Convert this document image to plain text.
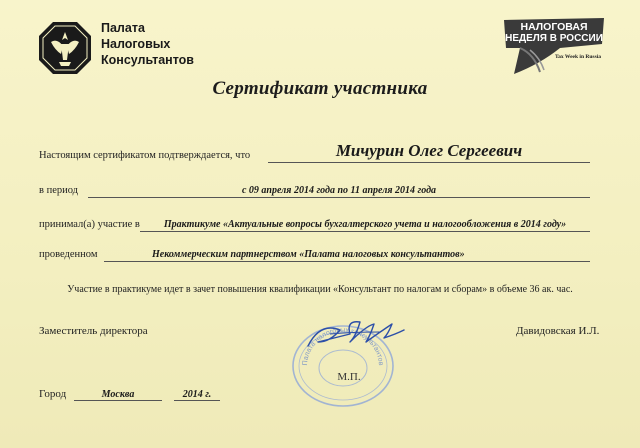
Палата
Налоговых
Консультантов
НАЛОГОВАЯ
НЕДЕЛЯ В РОССИИ
Tax Week in Russia
Сертификат участника
Настоящим сертификатом подтверждается, что	Мичурин Олег Сергеевич
в период	с 09 апреля 2014 года по 11 апреля 2014 года
принимал(а) участие в	Практикуме «Актуальные вопросы бухгалтерского учета и налогообложения в 2014 году»
проведенном	Некоммерческим партнерством «Палата налоговых консультантов»
Участие в практикуме идет в зачет повышения квалификации «Консультант по налогам и сборам» в объеме 36 ак. час.
Заместитель директора	Давидовская И.Л.
Палата налоговых консультантов
М.П.
Город	Москва	2014 г.
